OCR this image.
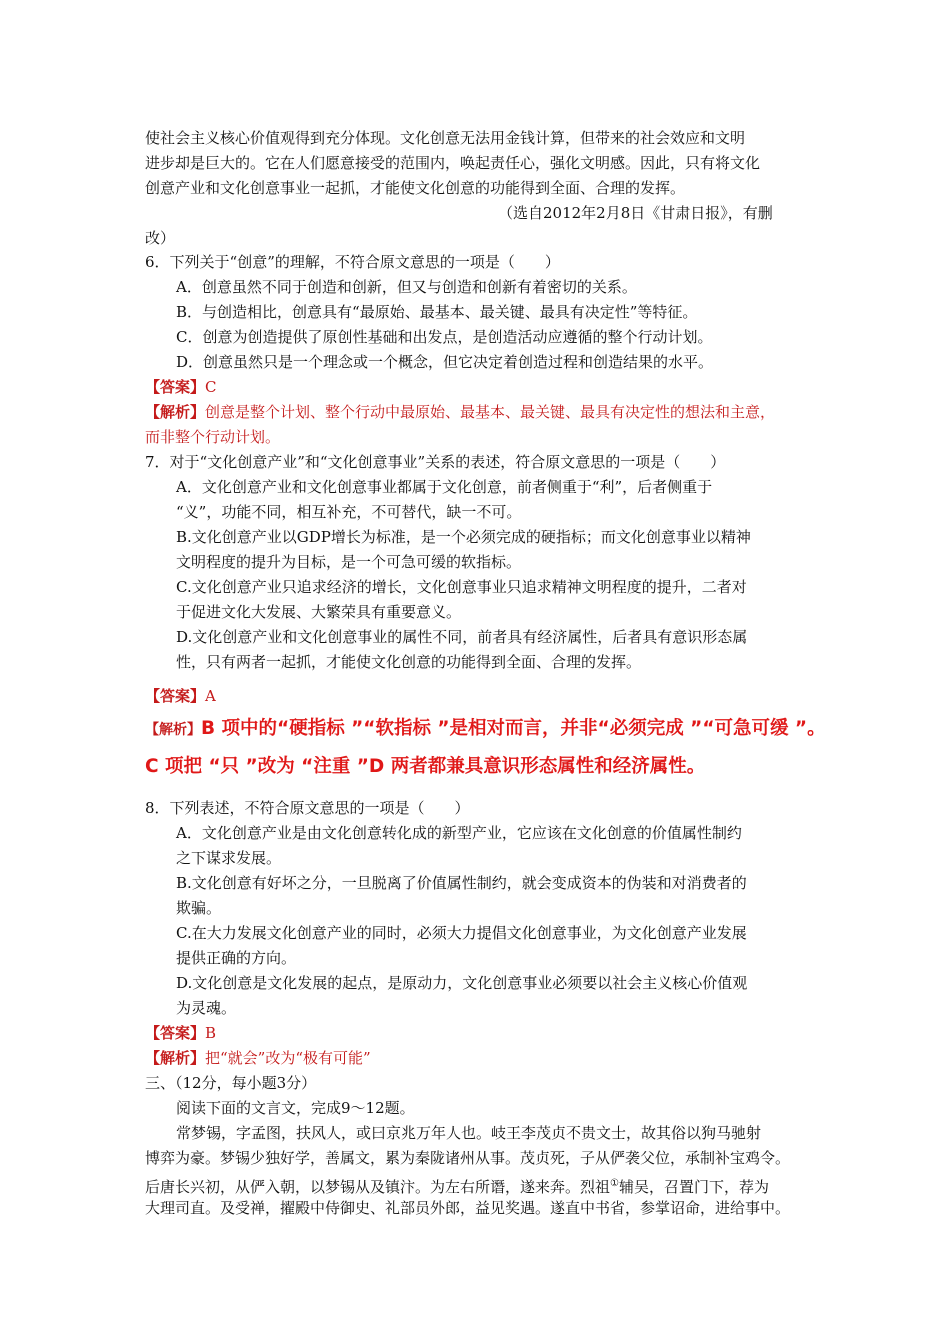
使社会主义核心价值观得到充分体现。文化创意无法用金钱计算，但带来的社会效应和文明
进步却是巨大的。它在人们愿意接受的范围内，唤起责任心，强化文明感。因此，只有将文化
创意产业和文化创意事业一起抓，才能使文化创意的功能得到全面、合理的发挥。
（选自2012年2月8日《甘肃日报》，有删
改）
6．下列关于“创意”的理解，不符合原文意思的一项是（　　）
A．创意虽然不同于创造和创新，但又与创造和创新有着密切的关系。
B．与创造相比，创意具有“最原始、最基本、最关键、最具有决定性”等特征。
C．创意为创造提供了原创性基础和出发点，是创造活动应遵循的整个行动计划。
D．创意虽然只是一个理念或一个概念，但它决定着创造过程和创造结果的水平。
【答案】C
【解析】创意是整个计划、整个行动中最原始、最基本、最关键、最具有决定性的想法和主意，
而非整个行动计划。
7．对于“文化创意产业”和“文化创意事业”关系的表述，符合原文意思的一项是（　　）
A．文化创意产业和文化创意事业都属于文化创意，前者侧重于“利”，后者侧重于
“义”，功能不同，相互补充，不可替代，缺一不可。
B.文化创意产业以GDP增长为标准，是一个必须完成的硬指标；而文化创意事业以精神
文明程度的提升为目标，是一个可急可缓的软指标。
C.文化创意产业只追求经济的增长，文化创意事业只追求精神文明程度的提升，二者对
于促进文化大发展、大繁荣具有重要意义。
D.文化创意产业和文化创意事业的属性不同，前者具有经济属性，后者具有意识形态属
性，只有两者一起抓，才能使文化创意的功能得到全面、合理的发挥。
【答案】A
【解析】B 项中的“硬指标 ”“软指标 ”是相对而言，并非“必须完成 ”“可急可缓 ”。
C 项把 “只 ”改为 “注重 ”D 两者都兼具意识形态属性和经济属性。
8．下列表述，不符合原文意思的一项是（　　）
A．文化创意产业是由文化创意转化成的新型产业，它应该在文化创意的价值属性制约
之下谋求发展。
B.文化创意有好坏之分，一旦脱离了价值属性制约，就会变成资本的伪装和对消费者的
欺骗。
C.在大力发展文化创意产业的同时，必须大力提倡文化创意事业，为文化创意产业发展
提供正确的方向。
D.文化创意是文化发展的起点，是原动力，文化创意事业必须要以社会主义核心价值观
为灵魂。
【答案】B
【解析】把“就会”改为“极有可能”
三、（12分，每小题3分）
阅读下面的文言文，完成9～12题。
常梦锡，字孟图，扶风人，或曰京兆万年人也。岐王李茂贞不贵文士，故其俗以狗马驰射
博弈为豪。梦锡少独好学，善属文，累为秦陇诸州从事。茂贞死，子从俨袭父位，承制补宝鸡令。
后唐长兴初，从俨入朝，以梦锡从及镇汴。为左右所谮，遂来奔。烈祖①辅吴，召置门下，荐为
大理司直。及受禅，擢殿中侍御史、礼部员外郎，益见奖遇。遂直中书省，参掌诏命，进给事中。
